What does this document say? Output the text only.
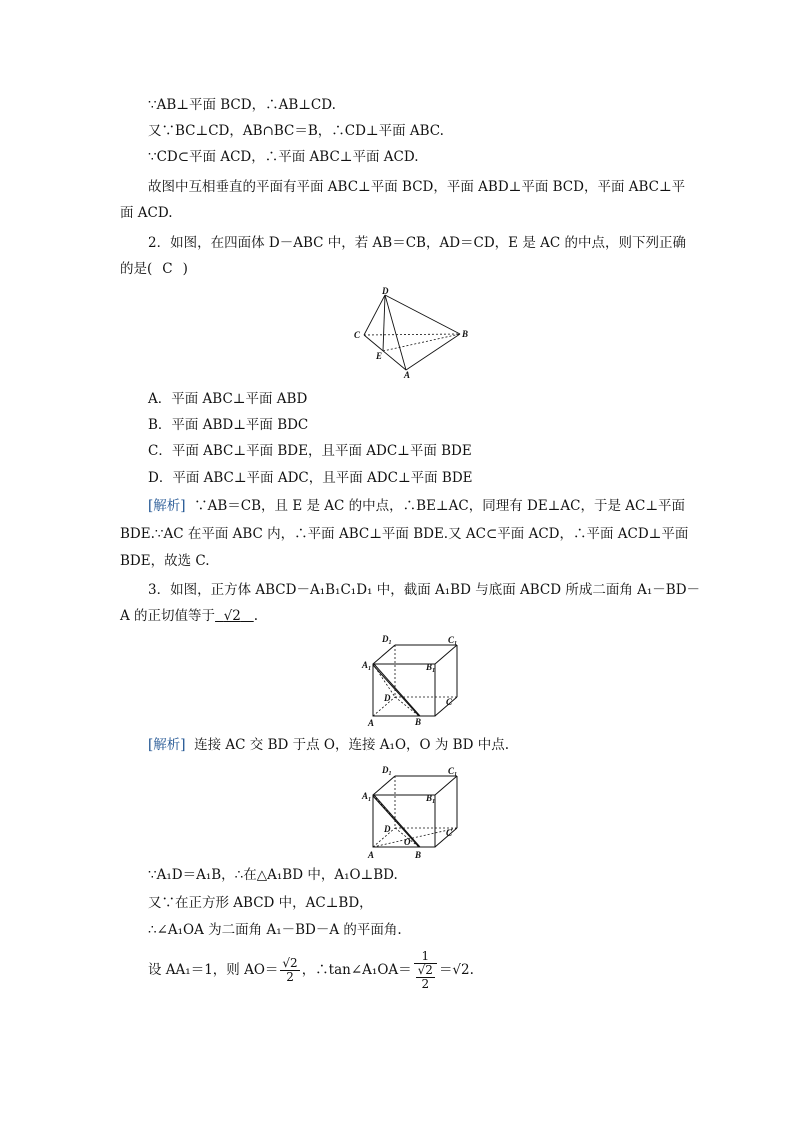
∵AB⊥平面 BCD，∴AB⊥CD.
又∵BC⊥CD，AB∩BC＝B，∴CD⊥平面 ABC.
∵CD⊂平面 ACD，∴平面 ABC⊥平面 ACD.
故图中互相垂直的平面有平面 ABC⊥平面 BCD，平面 ABD⊥平面 BCD，平面 ABC⊥平
面 ACD.
2．如图，在四面体 D－ABC 中，若 AB＝CB，AD＝CD，E 是 AC 的中点，则下列正确
的是( C )
D
C	B
E
A
A．平面 ABC⊥平面 ABD
B．平面 ABD⊥平面 BDC
C．平面 ABC⊥平面 BDE，且平面 ADC⊥平面 BDE
D．平面 ABC⊥平面 ADC，且平面 ADC⊥平面 BDE
[解析] ∵AB＝CB，且 E 是 AC 的中点，∴BE⊥AC，同理有 DE⊥AC，于是 AC⊥平面
BDE.∵AC 在平面 ABC 内，∴平面 ABC⊥平面 BDE.又 AC⊂平面 ACD，∴平面 ACD⊥平面
BDE，故选 C.
3．如图，正方体 ABCD－A₁B₁C₁D₁ 中，截面 A₁BD 与底面 ABCD 所成二面角 A₁－BD－
A 的正切值等于 √2 .
$D_1$	$C_1$
$A_1$	$B_1$
D	C
A	B
[解析] 连接 AC 交 BD 于点 O，连接 A₁O，O 为 BD 中点.
$D_1$	$C_1$
$A_1$	$B_1$
D
O
C
A	B
∵A₁D＝A₁B，∴在△A₁BD 中，A₁O⊥BD.
又∵在正方形 ABCD 中，AC⊥BD，
∴∠A₁OA 为二面角 A₁－BD－A 的平面角.
设 AA₁＝1，则 $AO= \frac{√2}{2}$ ，∴tan∠A₁OA＝ $\frac{1}{\frac{√2}{2}} =√2$.
